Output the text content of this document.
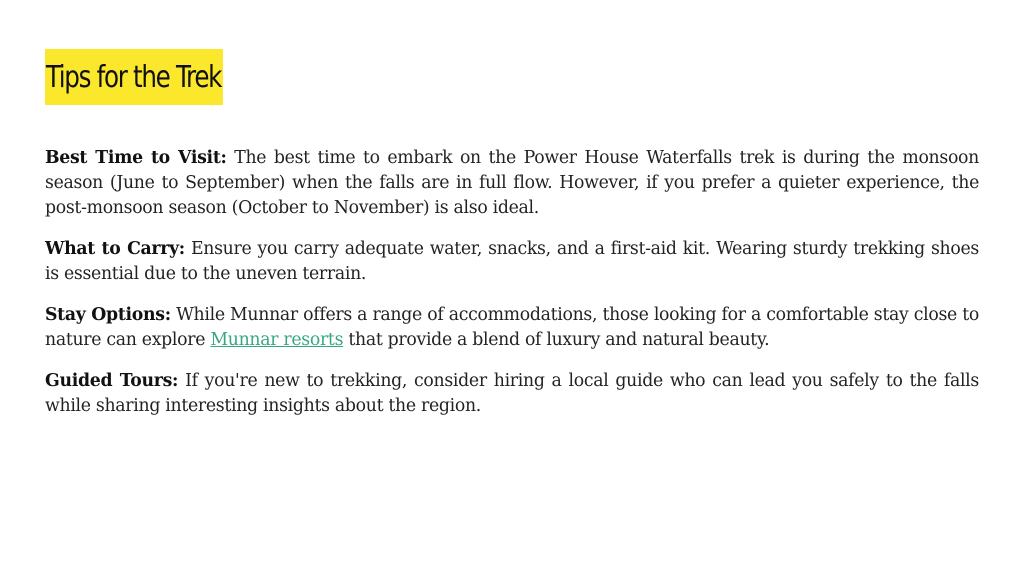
Tips for the Trek

Best Time to Visit: The best time to embark on the Power House Waterfalls trek is during the monsoon season (June to September) when the falls are in full flow. However, if you prefer a quieter experience, the post-monsoon season (October to November) is also ideal.

What to Carry: Ensure you carry adequate water, snacks, and a first-aid kit. Wearing sturdy trekking shoes is essential due to the uneven terrain.

Stay Options: While Munnar offers a range of accommodations, those looking for a comfortable stay close to nature can explore Munnar resorts that provide a blend of luxury and natural beauty.

Guided Tours: If you're new to trekking, consider hiring a local guide who can lead you safely to the falls while sharing interesting insights about the region.
